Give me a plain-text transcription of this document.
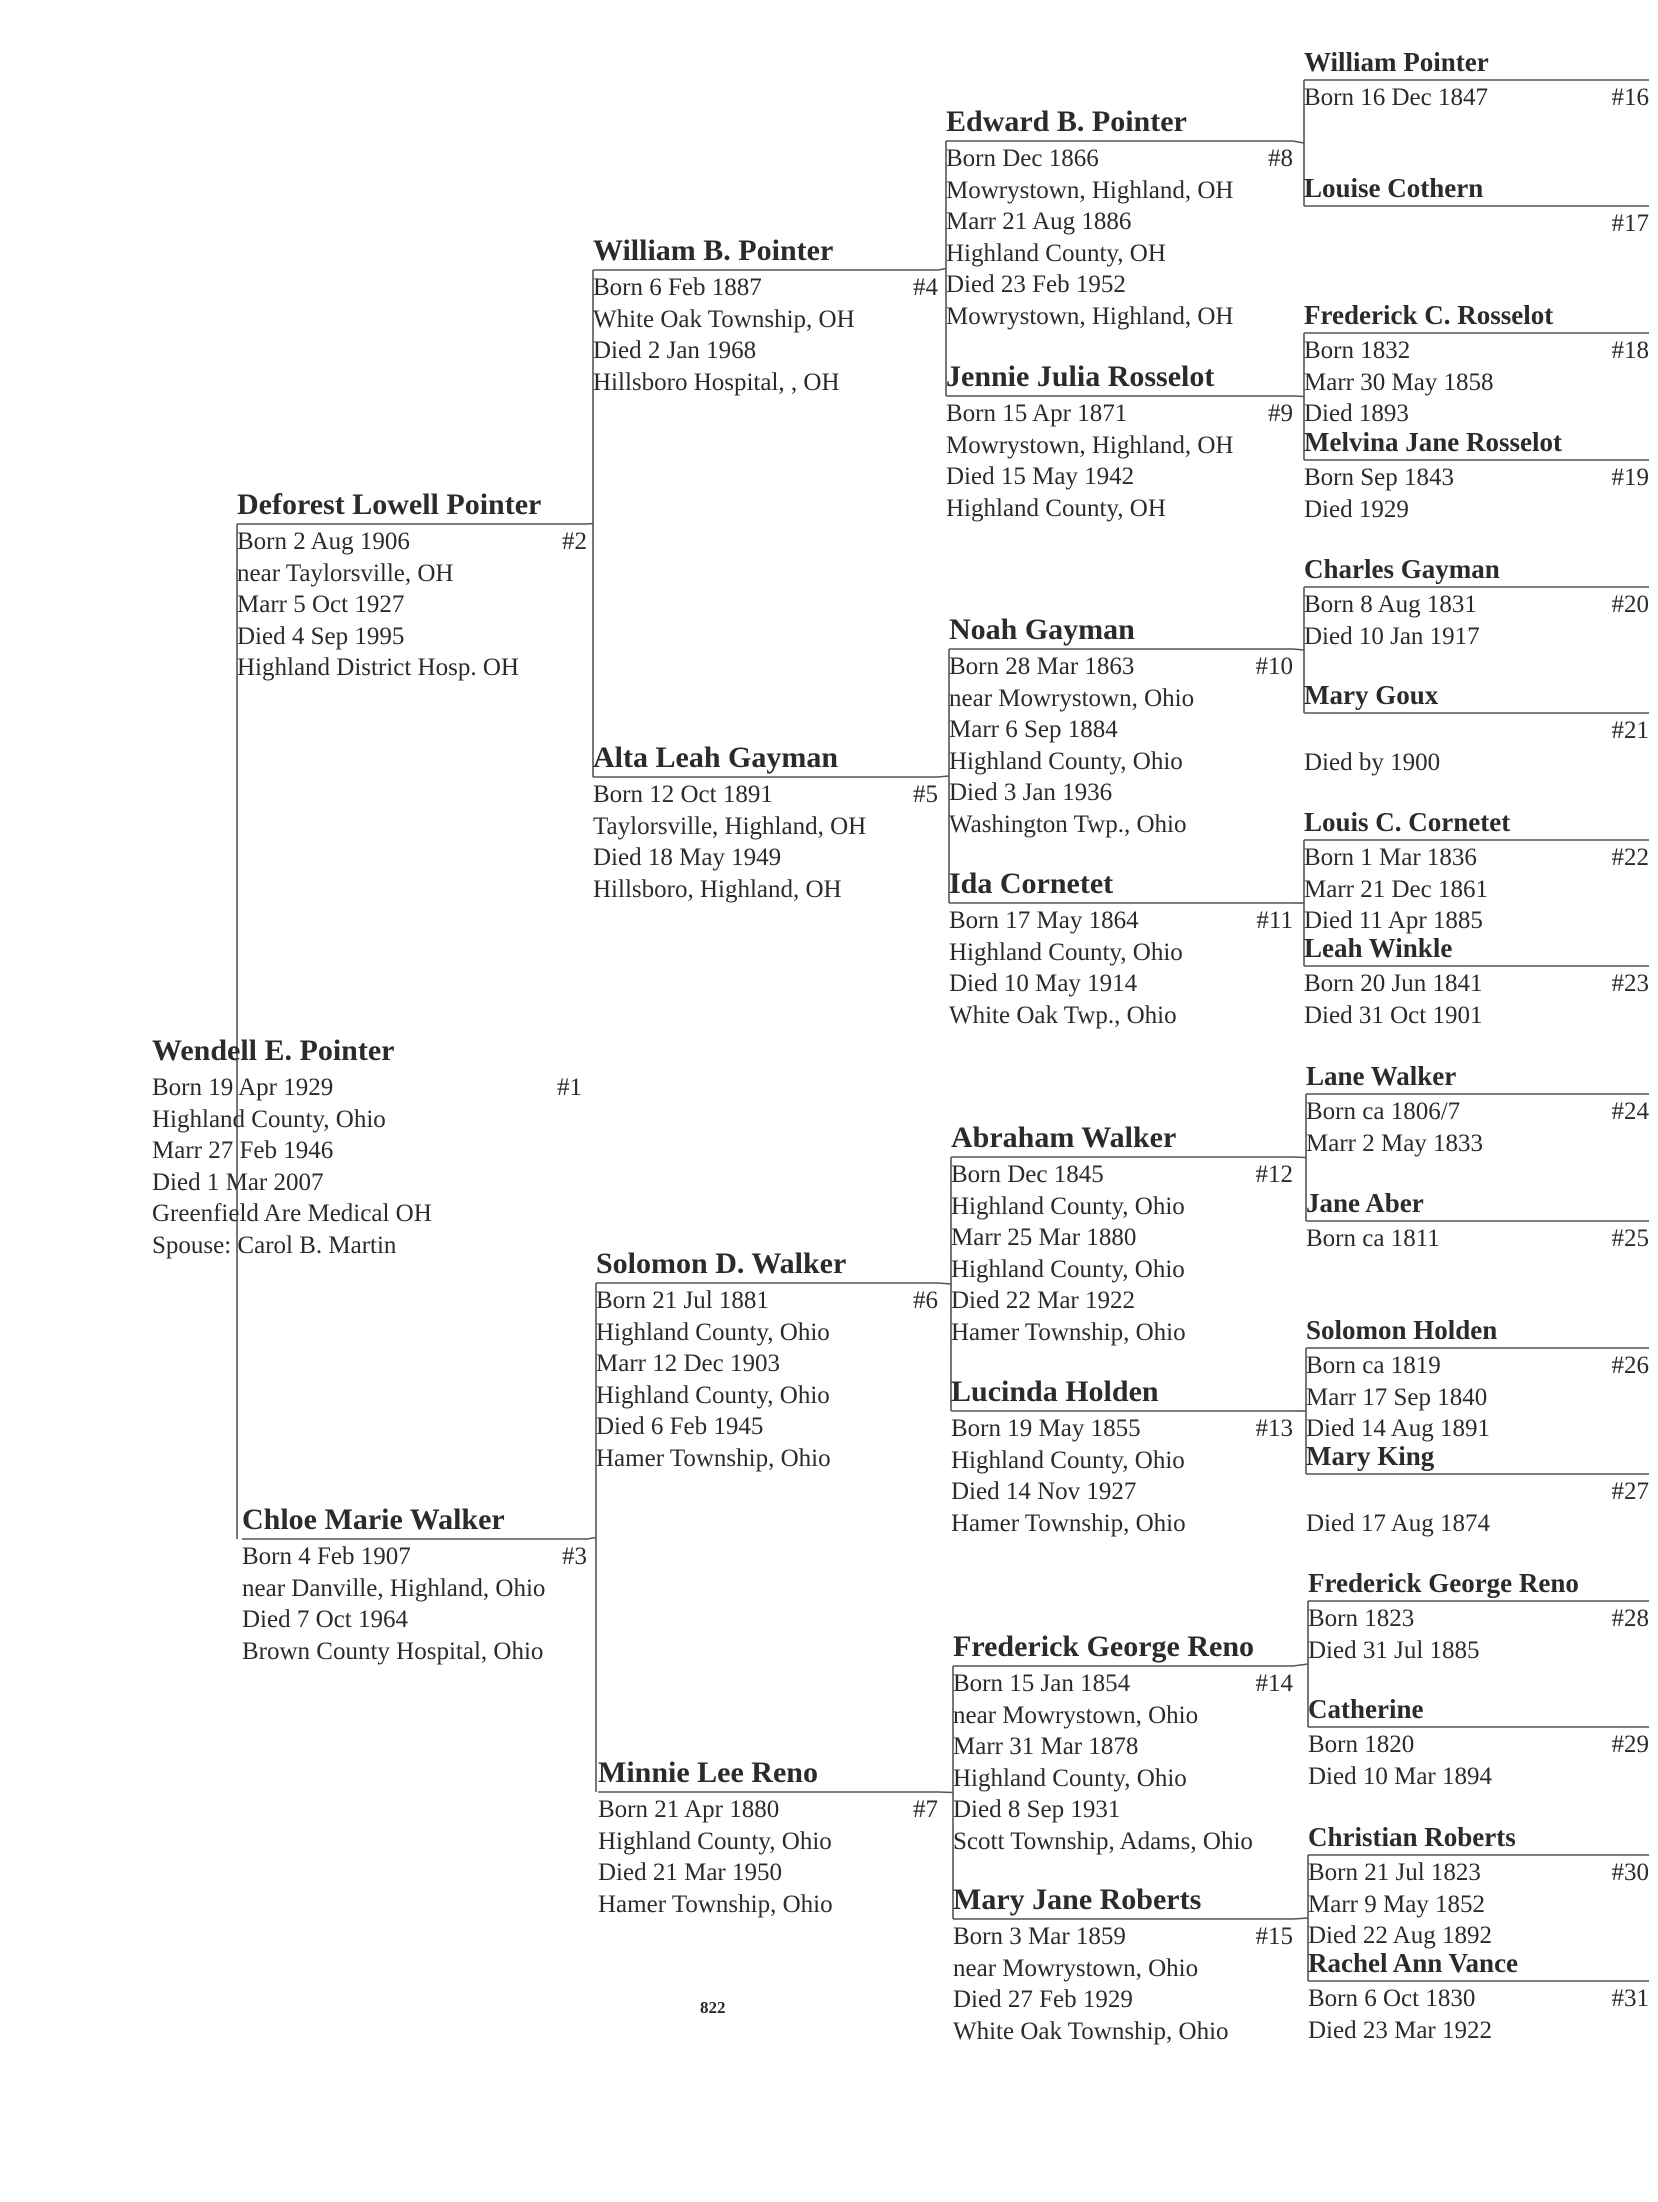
Wendell E. Pointer
Born 19 Apr 1929	#1
Highland County, Ohio
Marr 27 Feb 1946
Died 1 Mar 2007
Greenfield Are Medical OH
Spouse: Carol B. Martin
Deforest Lowell Pointer
Born 2 Aug 1906	#2
near Taylorsville, OH
Marr 5 Oct 1927
Died 4 Sep 1995
Highland District Hosp. OH
Chloe Marie Walker
Born 4 Feb 1907	#3
near Danville, Highland, Ohio
Died 7 Oct 1964
Brown County Hospital, Ohio
William B. Pointer
Born 6 Feb 1887	#4
White Oak Township, OH
Died 2 Jan 1968
Hillsboro Hospital, , OH
Alta Leah Gayman
Born 12 Oct 1891	#5
Taylorsville, Highland, OH
Died 18 May 1949
Hillsboro, Highland, OH
Solomon D. Walker
Born 21 Jul 1881	#6
Highland County, Ohio
Marr 12 Dec 1903
Highland County, Ohio
Died 6 Feb 1945
Hamer Township, Ohio
Minnie Lee Reno
Born 21 Apr 1880	#7
Highland County, Ohio
Died 21 Mar 1950
Hamer Township, Ohio
Edward B. Pointer
Born Dec 1866	#8
Mowrystown, Highland, OH
Marr 21 Aug 1886
Highland County, OH
Died 23 Feb 1952
Mowrystown, Highland, OH
Jennie Julia Rosselot
Born 15 Apr 1871	#9
Mowrystown, Highland, OH
Died 15 May 1942
Highland County, OH
Noah Gayman
Born 28 Mar 1863	#10
near Mowrystown, Ohio
Marr 6 Sep 1884
Highland County, Ohio
Died 3 Jan 1936
Washington Twp., Ohio
Ida Cornetet
Born 17 May 1864	#11
Highland County, Ohio
Died 10 May 1914
White Oak Twp., Ohio
Abraham Walker
Born Dec 1845	#12
Highland County, Ohio
Marr 25 Mar 1880
Highland County, Ohio
Died 22 Mar 1922
Hamer Township, Ohio
Lucinda Holden
Born 19 May 1855	#13
Highland County, Ohio
Died 14 Nov 1927
Hamer Township, Ohio
Frederick George Reno
Born 15 Jan 1854	#14
near Mowrystown, Ohio
Marr 31 Mar 1878
Highland County, Ohio
Died 8 Sep 1931
Scott Township, Adams, Ohio
Mary Jane Roberts
Born 3 Mar 1859	#15
near Mowrystown, Ohio
Died 27 Feb 1929
White Oak Township, Ohio
William Pointer
Born 16 Dec 1847	#16
Louise Cothern
#17
Frederick C. Rosselot
Born 1832	#18
Marr 30 May 1858
Died 1893
Melvina Jane Rosselot
Born Sep 1843	#19
Died 1929
Charles Gayman
Born 8 Aug 1831	#20
Died 10 Jan 1917
Mary Goux
#21
Died by 1900
Louis C. Cornetet
Born 1 Mar 1836	#22
Marr 21 Dec 1861
Died 11 Apr 1885
Leah Winkle
Born 20 Jun 1841	#23
Died 31 Oct 1901
Lane Walker
Born ca 1806/7	#24
Marr 2 May 1833
Jane Aber
Born ca 1811	#25
Solomon Holden
Born ca 1819	#26
Marr 17 Sep 1840
Died 14 Aug 1891
Mary King
#27
Died 17 Aug 1874
Frederick George Reno
Born 1823	#28
Died 31 Jul 1885
Catherine
Born 1820	#29
Died 10 Mar 1894
Christian Roberts
Born 21 Jul 1823	#30
Marr 9 May 1852
Died 22 Aug 1892
Rachel Ann Vance
Born 6 Oct 1830	#31
Died 23 Mar 1922
822
